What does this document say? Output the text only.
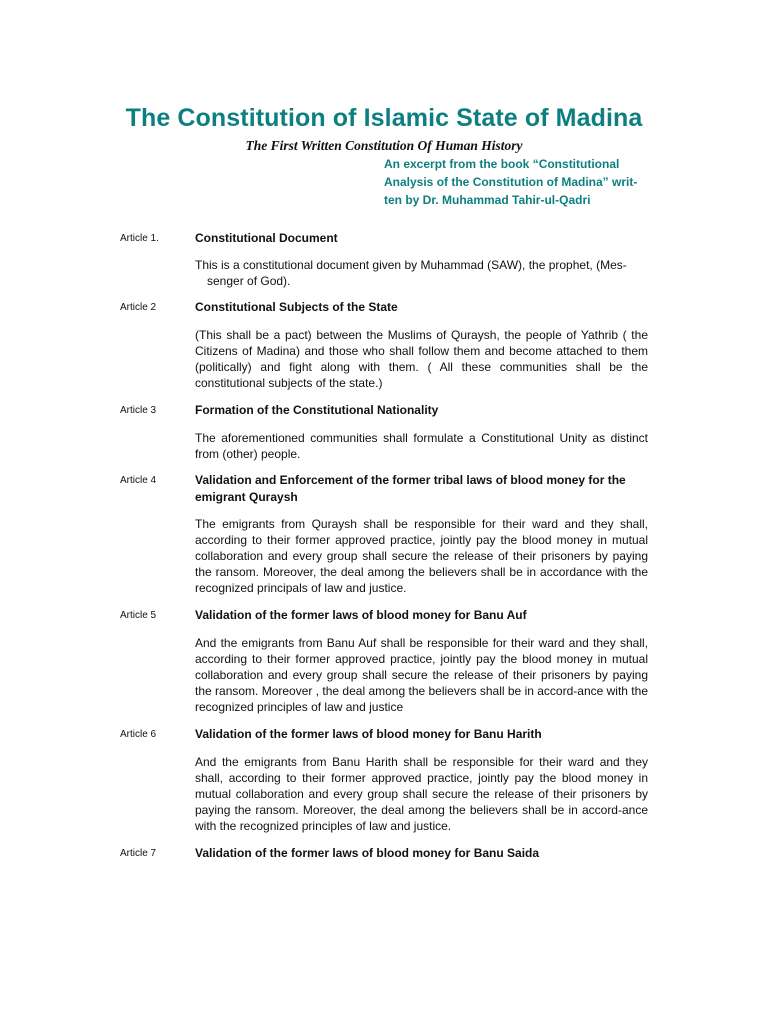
The Constitution of Islamic State of Madina
The First Written Constitution Of Human History
An excerpt from the book “Constitutional
Analysis of the Constitution of Madina” writ-
ten by Dr. Muhammad Tahir-ul-Qadri
Article 1.	Constitutional Document
This is a constitutional document given by Muhammad (SAW), the prophet, (Mes-
senger of God).
Article 2	Constitutional Subjects of the State
(This shall be a pact) between the Muslims of Quraysh, the people of Yathrib ( the Citizens of Madina) and those who shall follow them and become attached to them (politically) and fight along with them. ( All these communities shall be the constitutional subjects of the state.)
Article 3	Formation of the Constitutional Nationality
The aforementioned communities shall formulate a Constitutional Unity as distinct from (other) people.
Article 4	Validation and Enforcement of the former tribal laws of blood money for the emigrant Quraysh
The emigrants from Quraysh shall be responsible for their ward and they shall, according to their former approved practice, jointly pay the blood money in mutual collaboration and every group shall secure the release of their prisoners by paying the ransom. Moreover, the deal among the believers shall be in accordance with the recognized principals of law and justice.
Article 5	Validation of the former laws of blood money for Banu Auf
And the emigrants from Banu Auf shall be responsible for their ward and they shall, according to their former approved practice, jointly pay the blood money in mutual collaboration and every group shall secure the release of their prisoners by paying the ransom. Moreover , the deal among the believers shall be in accord-ance with the recognized principles of law and justice
Article 6	Validation of the former laws of blood money for Banu Harith
And the emigrants from Banu Harith shall be responsible for their ward and they shall, according to their former approved practice, jointly pay the blood money in mutual collaboration and every group shall secure the release of their prisoners by paying the ransom. Moreover, the deal among the believers shall be in accord-ance with the recognized principles of law and justice.
Article 7	Validation of the former laws of blood money for Banu Saida
